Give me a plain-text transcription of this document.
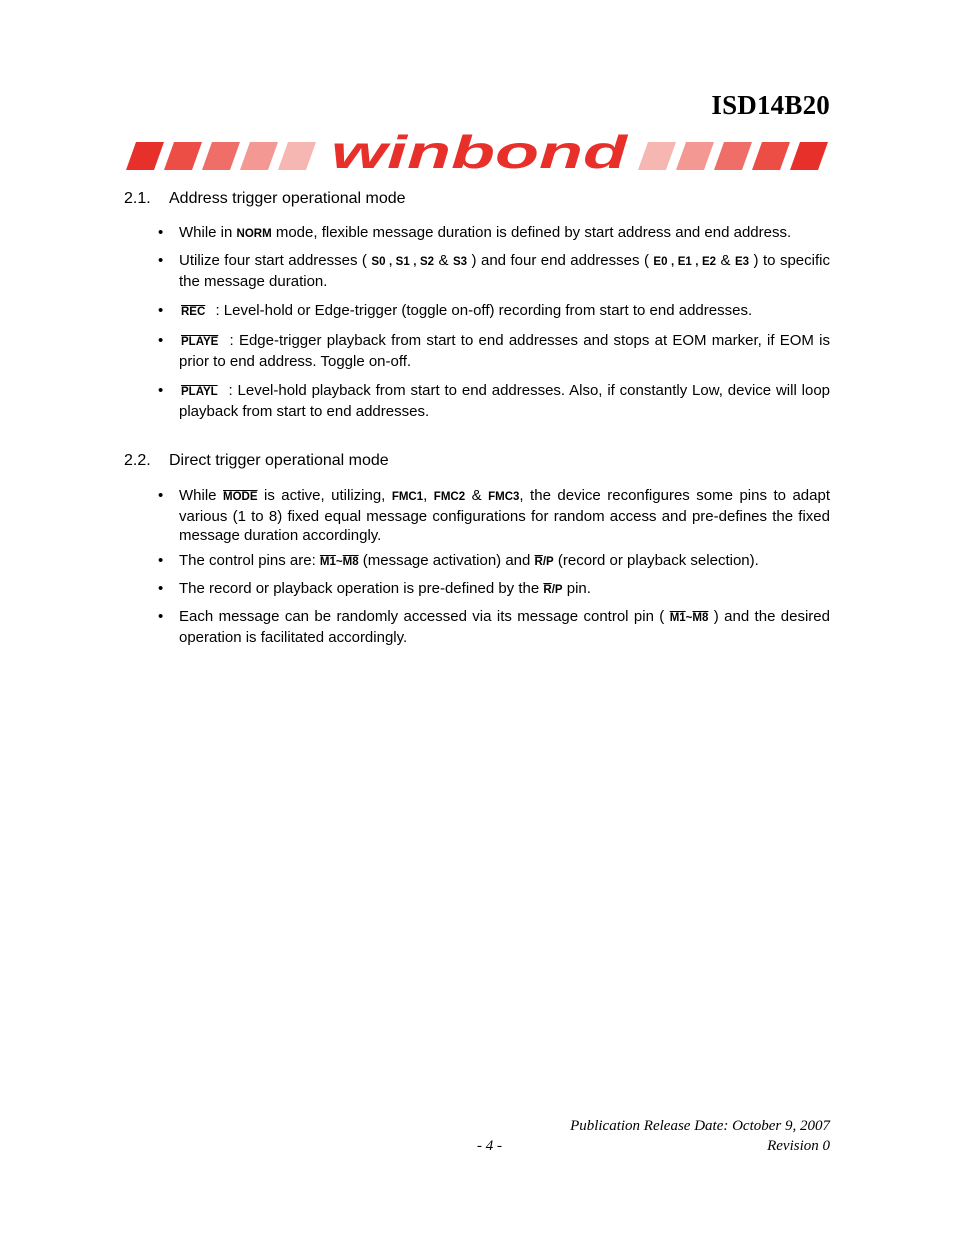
ISD14B20
winbond
2.1. Address trigger operational mode
• While in NORM mode, flexible message duration is defined by start address and end address.
• Utilize four start addresses ( S0 , S1 , S2 & S3 ) and four end addresses ( E0 , E1 , E2 & E3 ) to specific the message duration.
• $\overline{REC}$ : Level-hold or Edge-trigger (toggle on-off) recording from start to end addresses.
• PLAYE : Edge-trigger playback from start to end addresses and stops at EOM marker, if EOM is prior to end address. Toggle on-off.
• PLAYL : Level-hold playback from start to end addresses. Also, if constantly Low, device will loop playback from start to end addresses.
2.2. Direct trigger operational mode
• While MODE is active, utilizing, FMC1, FMC2 & FMC3, the device reconfigures some pins to adapt various (1 to 8) fixed equal message configurations for random access and pre-defines the fixed message duration accordingly.
• The control pins are: M1~M8 (message activation) and $\overline{R}/P$ (record or playback selection).
• The record or playback operation is pre-defined by the $\overline{R}/P$ pin.
• Each message can be randomly accessed via its message control pin ( M1~M8 ) and the desired operation is facilitated accordingly.
Publication Release Date: October 9, 2007
- 4 -	Revision 0
